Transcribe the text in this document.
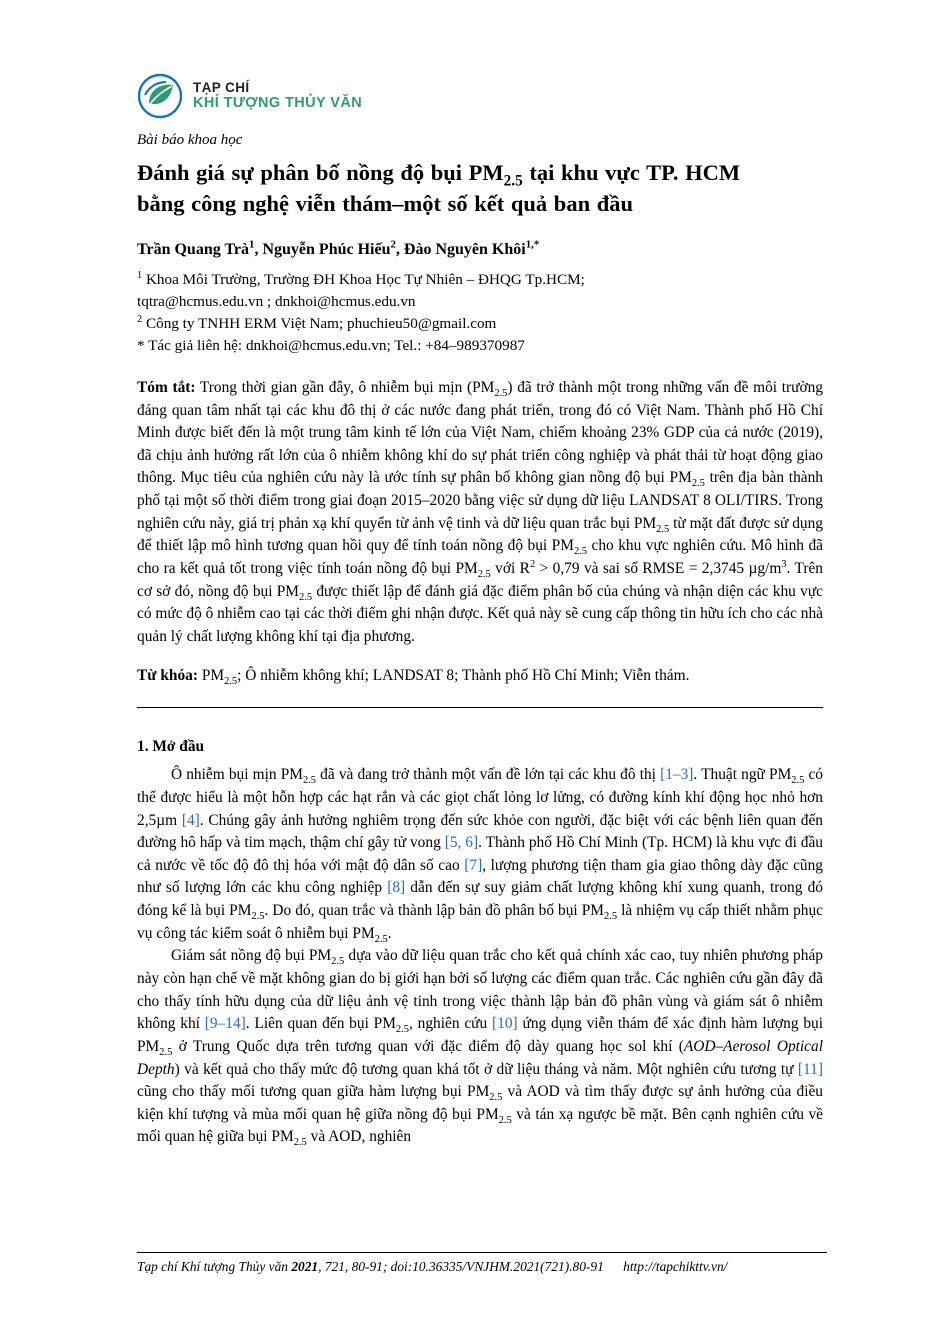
TẠP CHÍ
KHÍ TƯỢNG THỦY VĂN
Bài báo khoa học
Đánh giá sự phân bố nồng độ bụi $PM_{2.5}$ tại khu vực TP. HCM
bằng công nghệ viễn thám–một số kết quả ban đầu
Trần Quang Trà$^1$, Nguyễn Phúc Hiếu$^2$, Đào Nguyên Khôi$^{1,*}$
$^1$ Khoa Môi Trường, Trường ĐH Khoa Học Tự Nhiên – ĐHQG Tp.HCM;
tqtra@hcmus.edu.vn ; dnkhoi@hcmus.edu.vn
$^2$ Công ty TNHH ERM Việt Nam; phuchieu50@gmail.com
* Tác giả liên hệ: dnkhoi@hcmus.edu.vn; Tel.: +84–989370987
Tóm tắt: Trong thời gian gần đây, ô nhiễm bụi mịn $(PM_{2.5})$ đã trở thành một trong những vấn đề môi trường đáng quan tâm nhất tại các khu đô thị ở các nước đang phát triển, trong đó có Việt Nam. Thành phố Hồ Chí Minh được biết đến là một trung tâm kinh tế lớn của Việt Nam, chiếm khoảng 23% GDP của cả nước (2019), đã chịu ảnh hưởng rất lớn của ô nhiễm không khí do sự phát triển công nghiệp và phát thải từ hoạt động giao thông. Mục tiêu của nghiên cứu này là ước tính sự phân bố không gian nồng độ bụi $PM_{2.5}$ trên địa bàn thành phố tại một số thời điểm trong giai đoạn 2015–2020 bằng việc sử dụng dữ liệu LANDSAT 8 OLI/TIRS. Trong nghiên cứu này, giá trị phản xạ khí quyển từ ảnh vệ tinh và dữ liệu quan trắc bụi $PM_{2.5}$ từ mặt đất được sử dụng để thiết lập mô hình tương quan hồi quy để tính toán nồng độ bụi $PM_{2.5}$ cho khu vực nghiên cứu. Mô hình đã cho ra kết quả tốt trong việc tính toán nồng độ bụi $PM_{2.5}$ với $R^2 > 0,79$ và sai số RMSE = 2,3745 $\mu g/m^3$. Trên cơ sở đó, nồng độ bụi $PM_{2.5}$ được thiết lập để đánh giá đặc điểm phân bố của chúng và nhận diện các khu vực có mức độ ô nhiễm cao tại các thời điểm ghi nhận được. Kết quả này sẽ cung cấp thông tin hữu ích cho các nhà quản lý chất lượng không khí tại địa phương.
Từ khóa: $PM_{2.5}$; Ô nhiễm không khí; LANDSAT 8; Thành phố Hồ Chí Minh; Viễn thám.
1. Mở đầu

Ô nhiễm bụi mịn $PM_{2.5}$ đã và đang trở thành một vấn đề lớn tại các khu đô thị [1–3]. Thuật ngữ $PM_{2.5}$ có thể được hiểu là một hỗn hợp các hạt rắn và các giọt chất lỏng lơ lửng, có đường kính khí động học nhỏ hơn 2,5µm [4]. Chúng gây ảnh hưởng nghiêm trọng đến sức khỏe con người, đặc biệt với các bệnh liên quan đến đường hô hấp và tim mạch, thậm chí gây tử vong [5, 6]. Thành phố Hồ Chí Minh (Tp. HCM) là khu vực đi đầu cả nước về tốc độ đô thị hóa với mật độ dân số cao [7], lượng phương tiện tham gia giao thông dày đặc cũng như số lượng lớn các khu công nghiệp [8] dẫn đến sự suy giảm chất lượng không khí xung quanh, trong đó đóng kể là bụi $PM_{2.5}$. Do đó, quan trắc và thành lập bản đồ phân bố bụi $PM_{2.5}$ là nhiệm vụ cấp thiết nhằm phục vụ công tác kiểm soát ô nhiễm bụi $PM_{2.5}$.

Giám sát nồng độ bụi $PM_{2.5}$ dựa vào dữ liệu quan trắc cho kết quả chính xác cao, tuy nhiên phương pháp này còn hạn chế về mặt không gian do bị giới hạn bởi số lượng các điểm quan trắc. Các nghiên cứu gần đây đã cho thấy tính hữu dụng của dữ liệu ảnh vệ tinh trong việc thành lập bản đồ phân vùng và giám sát ô nhiễm không khí [9–14]. Liên quan đến bụi $PM_{2.5}$, nghiên cứu [10] ứng dụng viễn thám để xác định hàm lượng bụi $PM_{2.5}$ ở Trung Quốc dựa trên tương quan với đặc điểm độ dày quang học sol khí (AOD–Aerosol Optical Depth) và kết quả cho thấy mức độ tương quan khá tốt ở dữ liệu tháng và năm. Một nghiên cứu tương tự [11] cũng cho thấy mối tương quan giữa hàm lượng bụi $PM_{2.5}$ và AOD và tìm thấy được sự ảnh hưởng của điều kiện khí tượng và mùa mối quan hệ giữa nồng độ bụi $PM_{2.5}$ và tán xạ ngược bề mặt. Bên cạnh nghiên cứu về mối quan hệ giữa bụi $PM_{2.5}$ và AOD, nghiên

Tạp chí Khí tượng Thủy văn 2021, 721, 80-91; doi:10.36335/VNJHM.2021(721).80-91 http://tapchikttv.vn/
